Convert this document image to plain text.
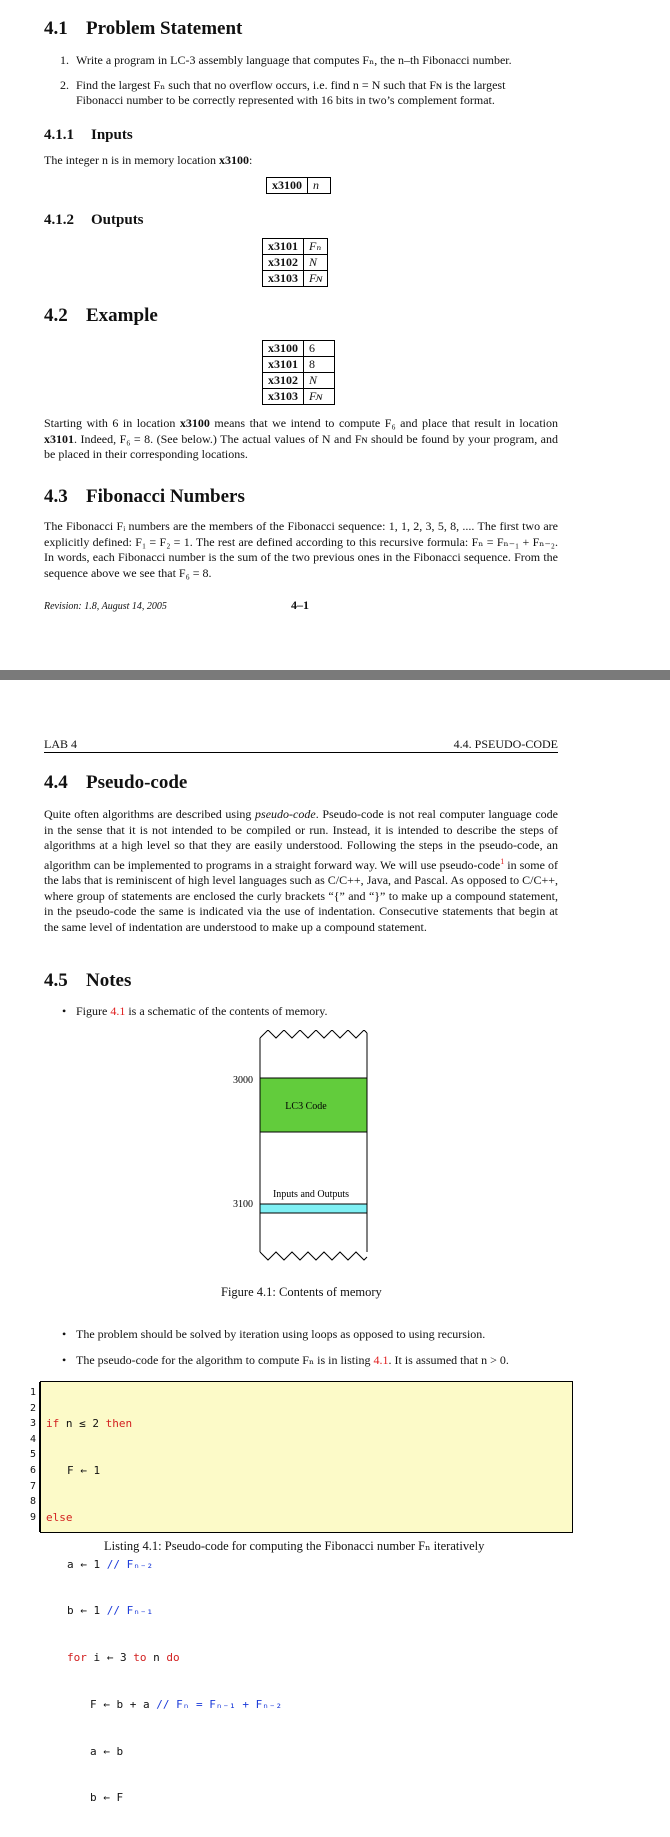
4.1 Problem Statement
1. Write a program in LC-3 assembly language that computes Fₙ, the n–th Fibonacci number.
2. Find the largest Fₙ such that no overflow occurs, i.e. find n = N such that Fɴ is the largest
Fibonacci number to be correctly represented with 16 bits in two’s complement format.
4.1.1 Inputs
The integer n is in memory location x3100:
x3100	n
4.1.2 Outputs
x3101	Fₙ
x3102	N
x3103	Fɴ
4.2 Example
x3100	6
x3101	8
x3102	N
x3103	Fɴ
Starting with 6 in location x3100 means that we intend to compute F₆ and place that result in location x3101. Indeed, F₆ = 8. (See below.) The actual values of N and Fɴ should be found by your program, and be placed in their corresponding locations.
4.3 Fibonacci Numbers
The Fibonacci Fᵢ numbers are the members of the Fibonacci sequence: 1, 1, 2, 3, 5, 8, .... The first two are explicitly defined: F₁ = F₂ = 1. The rest are defined according to this recursive formula: Fₙ = Fₙ₋₁ + Fₙ₋₂. In words, each Fibonacci number is the sum of the two previous ones in the Fibonacci sequence. From the sequence above we see that F₆ = 8.
Revision: 1.8, August 14, 2005	4–1
LAB 4	4.4. PSEUDO-CODE
4.4 Pseudo-code
Quite often algorithms are described using pseudo-code. Pseudo-code is not real computer language code in the sense that it is not intended to be compiled or run. Instead, it is intended to describe the steps of algorithms at a high level so that they are easily understood. Following the steps in the pseudo-code, an algorithm can be implemented to programs in a straight forward way. We will use pseudo-code$^1$ in some of the labs that is reminiscent of high level languages such as C/C++, Java, and Pascal. As opposed to C/C++, where group of statements are enclosed the curly brackets “{” and “}” to make up a compound statement, in the pseudo-code the same is indicated via the use of indentation. Consecutive statements that begin at the same level of indentation are understood to make up a compound statement.
4.5 Notes
• Figure 4.1 is a schematic of the contents of memory.
LC3 Code
Inputs and Outputs
3000
3100
Figure 4.1: Contents of memory
• The problem should be solved by iteration using loops as opposed to using recursion.
• The pseudo-code for the algorithm to compute Fₙ is in listing 4.1. It is assumed that n > 0.
1
2
3
4
5
6
7
8
9

if n ≤ 2 then

F ← 1

else

a ← 1 // Fₙ₋₂

b ← 1 // Fₙ₋₁

for i ← 3 to n do

F ← b + a // Fₙ = Fₙ₋₁ + Fₙ₋₂

a ← b

b ← F

Listing 4.1: Pseudo-code for computing the Fibonacci number Fₙ iteratively
